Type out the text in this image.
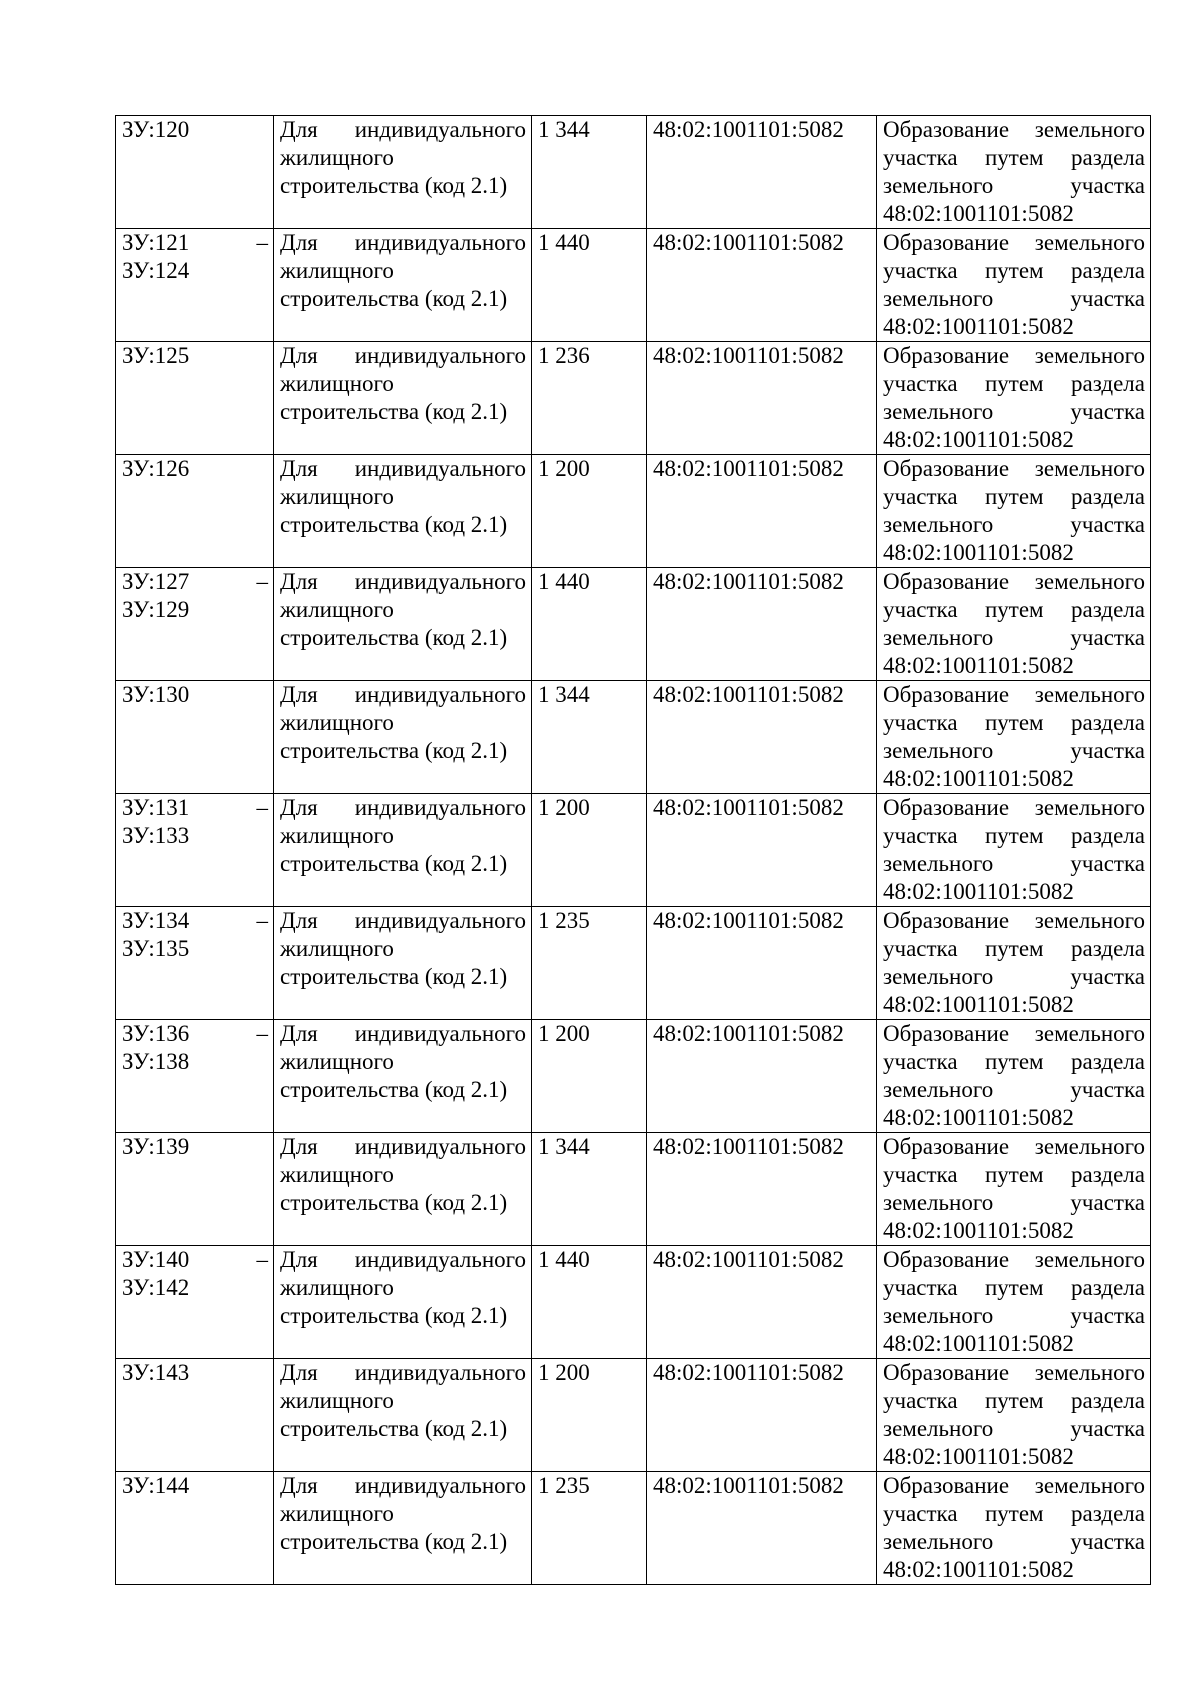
ЗУ:120	Для индивидуального жилищного строительства (код 2.1)	1 344	48:02:1001101:5082	Образование земельного участка путем раздела земельного участка 48:02:1001101:5082

ЗУ:121 –
ЗУ:124	Для индивидуального жилищного строительства (код 2.1)	1 440	48:02:1001101:5082	Образование земельного участка путем раздела земельного участка 48:02:1001101:5082

ЗУ:125	Для индивидуального жилищного строительства (код 2.1)	1 236	48:02:1001101:5082	Образование земельного участка путем раздела земельного участка 48:02:1001101:5082

ЗУ:126	Для индивидуального жилищного строительства (код 2.1)	1 200	48:02:1001101:5082	Образование земельного участка путем раздела земельного участка 48:02:1001101:5082

ЗУ:127 –
ЗУ:129	Для индивидуального жилищного строительства (код 2.1)	1 440	48:02:1001101:5082	Образование земельного участка путем раздела земельного участка 48:02:1001101:5082

ЗУ:130	Для индивидуального жилищного строительства (код 2.1)	1 344	48:02:1001101:5082	Образование земельного участка путем раздела земельного участка 48:02:1001101:5082

ЗУ:131 –
ЗУ:133	Для индивидуального жилищного строительства (код 2.1)	1 200	48:02:1001101:5082	Образование земельного участка путем раздела земельного участка 48:02:1001101:5082

ЗУ:134 –
ЗУ:135	Для индивидуального жилищного строительства (код 2.1)	1 235	48:02:1001101:5082	Образование земельного участка путем раздела земельного участка 48:02:1001101:5082

ЗУ:136 –
ЗУ:138	Для индивидуального жилищного строительства (код 2.1)	1 200	48:02:1001101:5082	Образование земельного участка путем раздела земельного участка 48:02:1001101:5082

ЗУ:139	Для индивидуального жилищного строительства (код 2.1)	1 344	48:02:1001101:5082	Образование земельного участка путем раздела земельного участка 48:02:1001101:5082

ЗУ:140 –
ЗУ:142	Для индивидуального жилищного строительства (код 2.1)	1 440	48:02:1001101:5082	Образование земельного участка путем раздела земельного участка 48:02:1001101:5082

ЗУ:143	Для индивидуального жилищного строительства (код 2.1)	1 200	48:02:1001101:5082	Образование земельного участка путем раздела земельного участка 48:02:1001101:5082

ЗУ:144	Для индивидуального жилищного строительства (код 2.1)	1 235	48:02:1001101:5082	Образование земельного участка путем раздела земельного участка 48:02:1001101:5082
